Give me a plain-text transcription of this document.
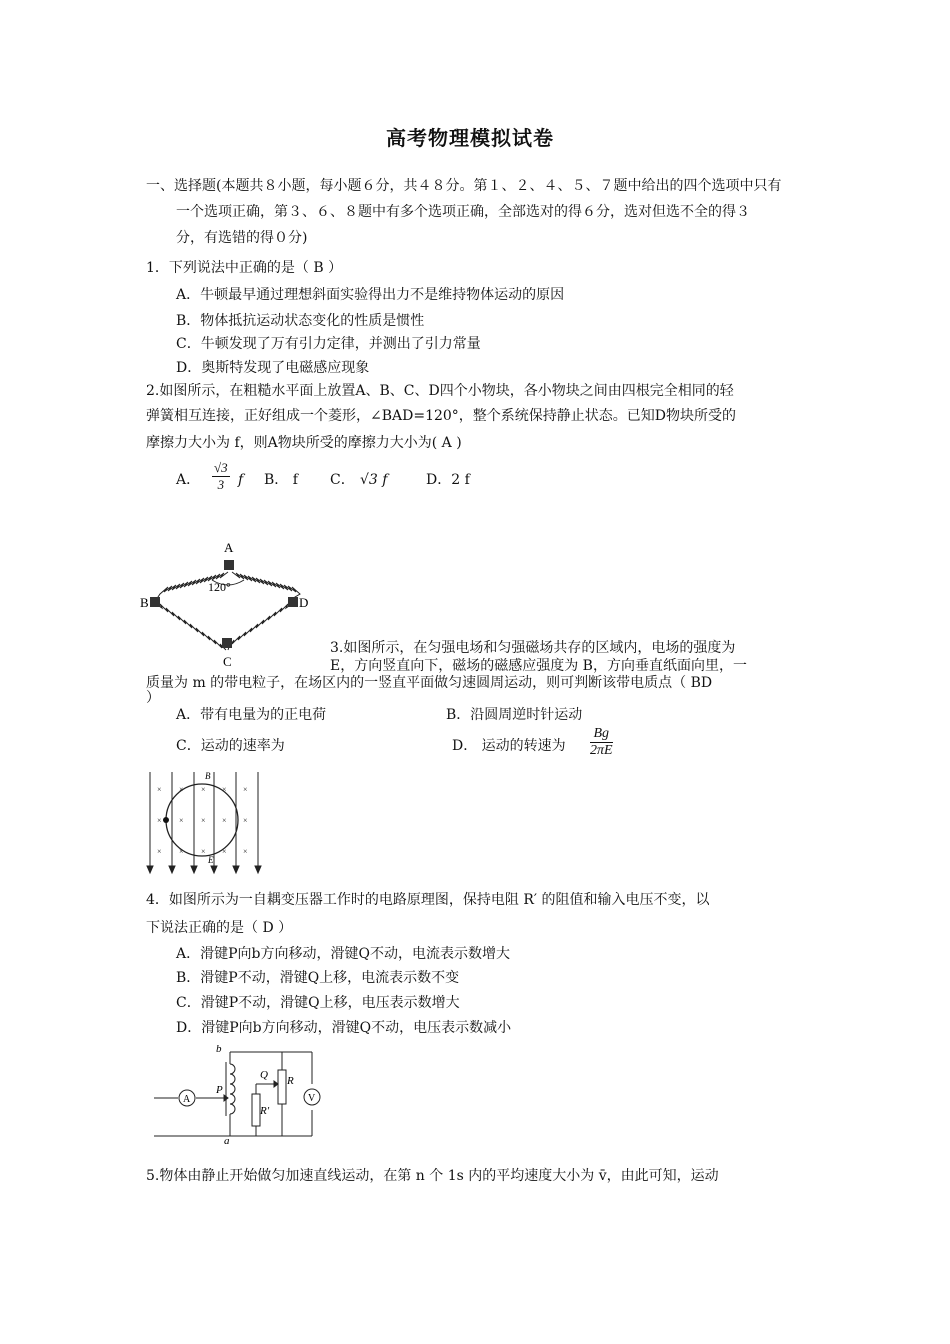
高考物理模拟试卷
一、选择题(本题共８小题，每小题６分，共４８分。第１、２、４、５、７题中给出的四个选项中只有
一个选项正确，第３、６、８题中有多个选项正确，全部选对的得６分，选对但选不全的得３
分，有选错的得０分)
1．下列说法中正确的是（ B ）
A．牛顿最早通过理想斜面实验得出力不是维持物体运动的原因
B．物体抵抗运动状态变化的性质是惯性
C．牛顿发现了万有引力定律，并测出了引力常量
D．奥斯特发现了电磁感应现象
2.如图所示，在粗糙水平面上放置A、B、C、D四个小物块，各小物块之间由四根完全相同的轻
弹簧相互连接，正好组成一个菱形，∠BAD=120°，整个系统保持静止状态。已知D物块所受的
摩擦力大小为 f，则A物块所受的摩擦力大小为( A )
A． $\frac{√3}{3}$ f B． f C． √3 f	D．2 f
A
B	D
C
120°
3.如图所示，在匀强电场和匀强磁场共存的区域内，电场的强度为
E，方向竖直向下，磁场的磁感应强度为 B，方向垂直纸面向里，一
质量为 m 的带电粒子，在场区内的一竖直平面做匀速圆周运动，则可判断该带电质点（ BD
）
A．带有电量为的正电荷	B．沿圆周逆时针运动
C．运动的速率为	D． 运动的转速为 $\frac{Bg}{2\pi E}$
× × × × ×
× × × × ×
× × × × ×
B
E
4．如图所示为一自耦变压器工作时的电路原理图，保持电阻 R′ 的阻值和输入电压不变，以
下说法正确的是（ D ）
A．滑键P向b方向移动，滑键Q不动，电流表示数增大
B．滑键P不动，滑键Q上移，电流表示数不变
C．滑键P不动，滑键Q上移，电压表示数增大
D．滑键P向b方向移动，滑键Q不动，电压表示数减小
A	V
b
a
P
Q R
R′
5.物体由静止开始做匀加速直线运动，在第 n 个 1s 内的平均速度大小为 v̄，由此可知，运动
